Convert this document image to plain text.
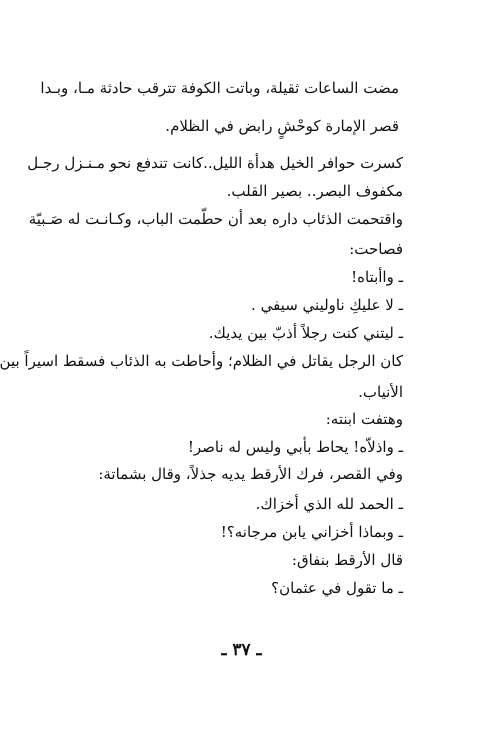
مضت الساعات ثقيلة، وباتت الكوفة تترقب حادثة مـا، وبـدا
قصر الإمارة كوحْشٍ رابض في الظلام.
كسرت حوافر الخيل هدأة الليل..كانت تندفع نحو مـنـزل رجـل
مكفوف البصر.. بصير القلب.
واقتحمت الذئاب داره بعد أن حطّمت الباب، وكـانـت له صَـبيّة
فصاحت:
ـ واأبتاه!
ـ لا عليكِ ناوليني سيفي .
ـ ليتني كنت رجلاً أذبّ بين يديك.
كان الرجل يقاتل في الظلام؛ وأحاطت به الذئاب فسقط اسيراً بين
الأنياب.
وهتفت ابنته:
ـ واذلاّه! يحاط بأبي وليس له ناصر!
وفي القصر، فرك الأرقط يديه جذلاً، وقال بشماتة:
ـ الحمد لله الذي أخزاك.
ـ وبماذا أخزاني يابن مرجانه؟!
قال الأرقط بنفاق:
ـ ما تقول في عثمان؟
ـ ٣٧ ـ
